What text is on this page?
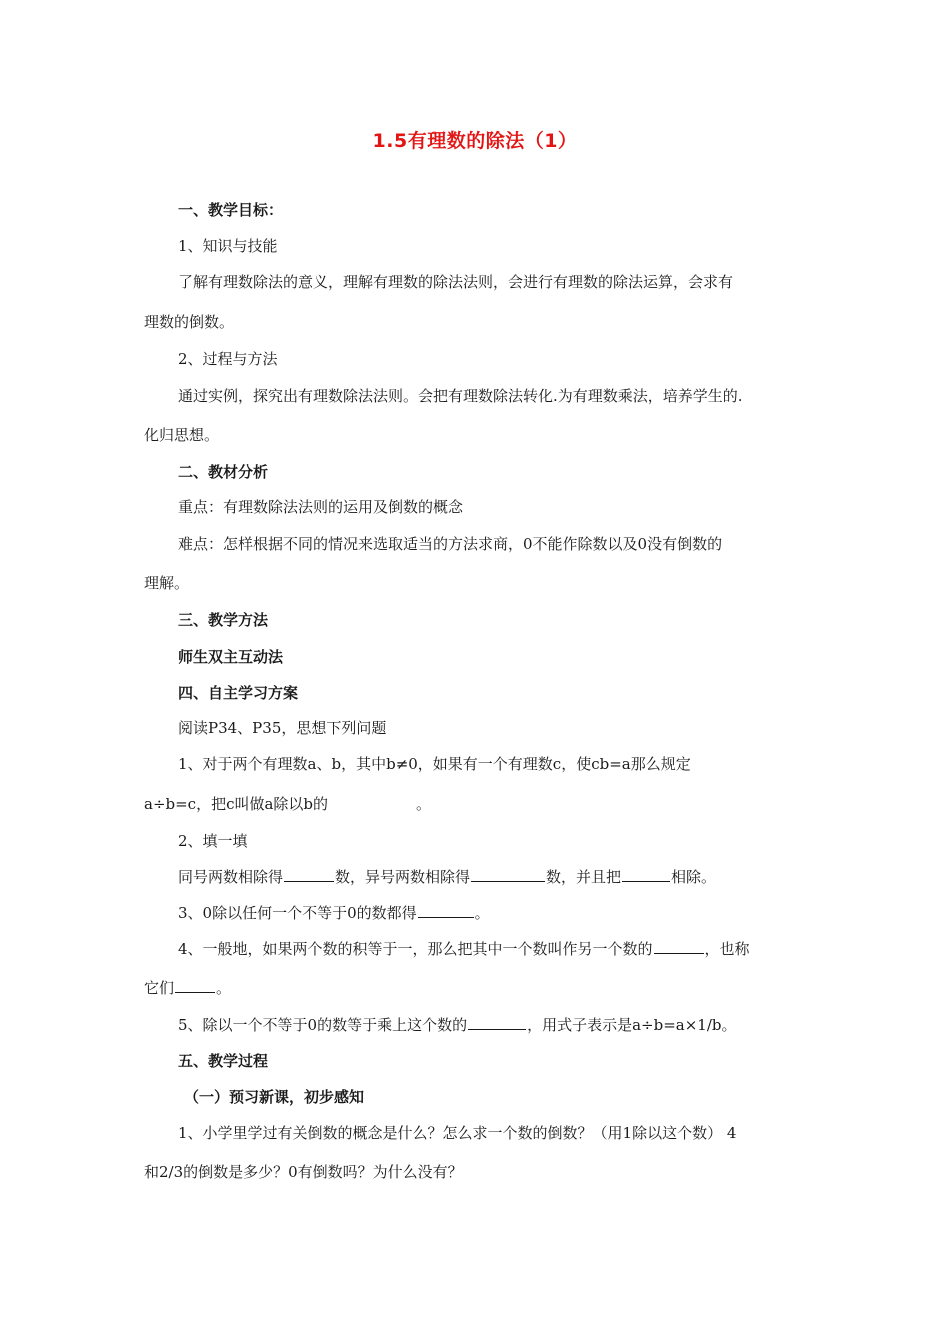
1.5有理数的除法（1）
一、教学目标：
1、知识与技能
了解有理数除法的意义，理解有理数的除法法则，会进行有理数的除法运算，会求有
理数的倒数。
2、过程与方法
通过实例，探究出有理数除法法则。会把有理数除法转化.为有理数乘法，培养学生的.
化归思想。
二、教材分析
重点：有理数除法法则的运用及倒数的概念
难点：怎样根据不同的情况来选取适当的方法求商，0不能作除数以及0没有倒数的
理解。
三、教学方法
师生双主互动法
四、自主学习方案
阅读P34、P35，思想下列问题
1、对于两个有理数a、b，其中b≠0，如果有一个有理数c，使cb=a那么规定
a÷b=c，把c叫做a除以b的	。
2、填一填
同号两数相除得	数，异号两数相除得	数，并且把	相除。
3、0除以任何一个不等于0的数都得	。
4、一般地，如果两个数的积等于一，那么把其中一个数叫作另一个数的	，也称
它们	。
5、除以一个不等于0的数等于乘上这个数的	，用式子表示是a÷b=a×1/b。
五、教学过程
（一）预习新课，初步感知
1、小学里学过有关倒数的概念是什么？怎么求一个数的倒数？（用1除以这个数） 4
和2/3的倒数是多少？0有倒数吗？为什么没有？
